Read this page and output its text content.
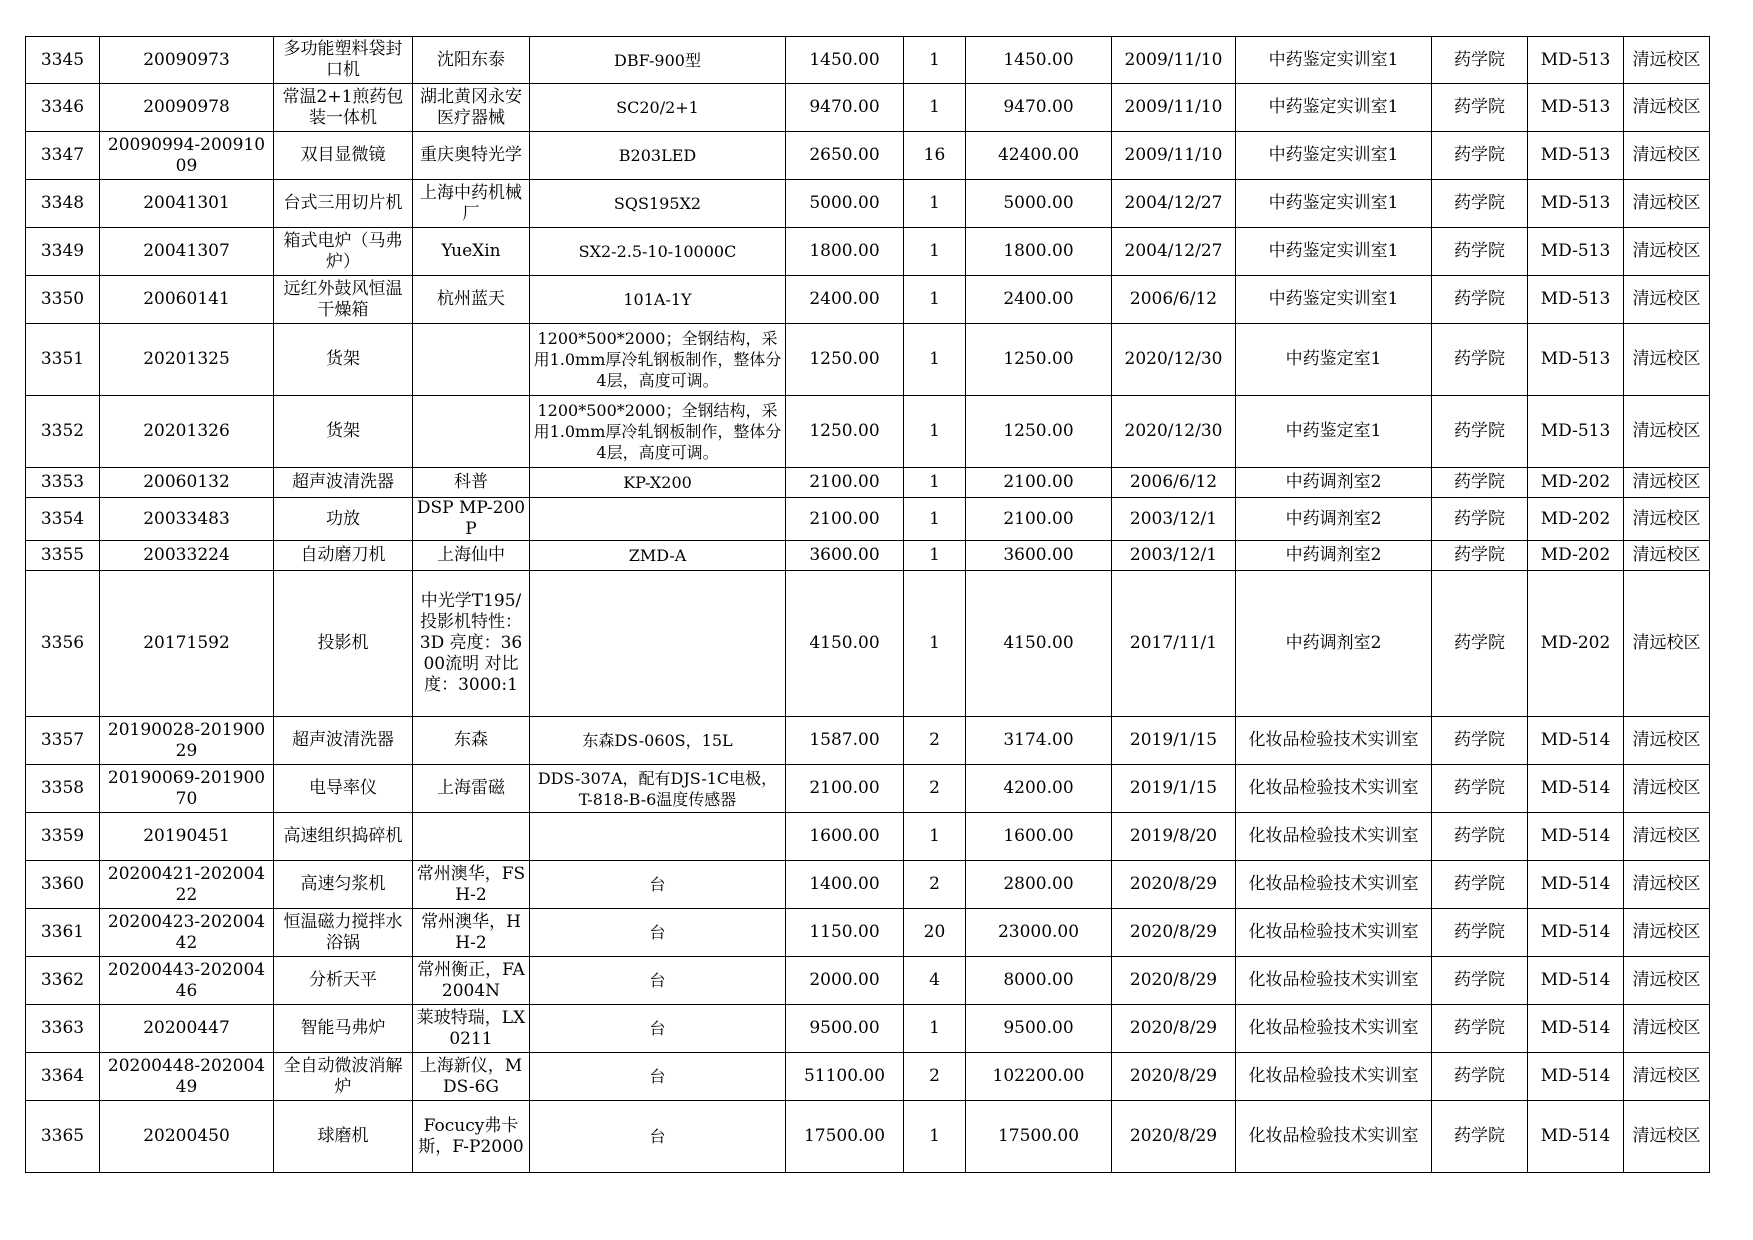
3345	20090973	多功能塑料袋封口机	沈阳东泰	DBF-900型	1450.00	1	1450.00	2009/11/10	中药鉴定实训室1	药学院	MD-513	清远校区
3346	20090978	常温2+1煎药包装一体机	湖北黄冈永安医疗器械	SC20/2+1	9470.00	1	9470.00	2009/11/10	中药鉴定实训室1	药学院	MD-513	清远校区
3347	20090994-20091009	双目显微镜	重庆奥特光学	B203LED	2650.00	16	42400.00	2009/11/10	中药鉴定实训室1	药学院	MD-513	清远校区
3348	20041301	台式三用切片机	上海中药机械厂	SQS195X2	5000.00	1	5000.00	2004/12/27	中药鉴定实训室1	药学院	MD-513	清远校区
3349	20041307	箱式电炉（马弗炉）	YueXin	SX2-2.5-10-10000C	1800.00	1	1800.00	2004/12/27	中药鉴定实训室1	药学院	MD-513	清远校区
3350	20060141	远红外鼓风恒温干燥箱	杭州蓝天	101A-1Y	2400.00	1	2400.00	2006/6/12	中药鉴定实训室1	药学院	MD-513	清远校区
3351	20201325	货架		1200*500*2000；全钢结构，采用1.0mm厚冷轧钢板制作，整体分4层，高度可调。	1250.00	1	1250.00	2020/12/30	中药鉴定室1	药学院	MD-513	清远校区
3352	20201326	货架		1200*500*2000；全钢结构，采用1.0mm厚冷轧钢板制作，整体分4层，高度可调。	1250.00	1	1250.00	2020/12/30	中药鉴定室1	药学院	MD-513	清远校区
3353	20060132	超声波清洗器	科普	KP-X200	2100.00	1	2100.00	2006/6/12	中药调剂室2	药学院	MD-202	清远校区
3354	20033483	功放	DSP MP-200P		2100.00	1	2100.00	2003/12/1	中药调剂室2	药学院	MD-202	清远校区
3355	20033224	自动磨刀机	上海仙中	ZMD-A	3600.00	1	3600.00	2003/12/1	中药调剂室2	药学院	MD-202	清远校区
3356	20171592	投影机	中光学T195/投影机特性：3D 亮度：3600流明 对比度：3000:1		4150.00	1	4150.00	2017/11/1	中药调剂室2	药学院	MD-202	清远校区
3357	20190028-20190029	超声波清洗器	东森	东森DS-060S，15L	1587.00	2	3174.00	2019/1/15	化妆品检验技术实训室	药学院	MD-514	清远校区
3358	20190069-20190070	电导率仪	上海雷磁	DDS-307A，配有DJS-1C电极，T-818-B-6温度传感器	2100.00	2	4200.00	2019/1/15	化妆品检验技术实训室	药学院	MD-514	清远校区
3359	20190451	高速组织捣碎机			1600.00	1	1600.00	2019/8/20	化妆品检验技术实训室	药学院	MD-514	清远校区
3360	20200421-20200422	高速匀浆机	常州澳华，FSH-2	台	1400.00	2	2800.00	2020/8/29	化妆品检验技术实训室	药学院	MD-514	清远校区
3361	20200423-20200442	恒温磁力搅拌水浴锅	常州澳华，HH-2	台	1150.00	20	23000.00	2020/8/29	化妆品检验技术实训室	药学院	MD-514	清远校区
3362	20200443-20200446	分析天平	常州衡正，FA2004N	台	2000.00	4	8000.00	2020/8/29	化妆品检验技术实训室	药学院	MD-514	清远校区
3363	20200447	智能马弗炉	莱玻特瑞，LX0211	台	9500.00	1	9500.00	2020/8/29	化妆品检验技术实训室	药学院	MD-514	清远校区
3364	20200448-20200449	全自动微波消解炉	上海新仪，MDS-6G	台	51100.00	2	102200.00	2020/8/29	化妆品检验技术实训室	药学院	MD-514	清远校区
3365	20200450	球磨机	Focucy弗卡斯，F-P2000	台	17500.00	1	17500.00	2020/8/29	化妆品检验技术实训室	药学院	MD-514	清远校区
